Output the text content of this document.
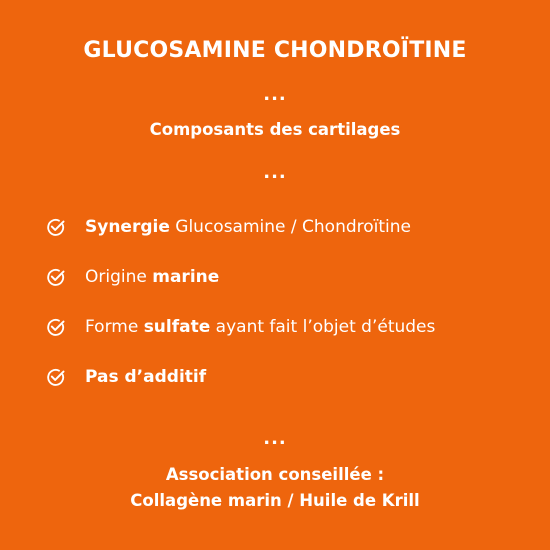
GLUCOSAMINE CHONDROÏTINE
...
Composants des cartilages
...
Synergie Glucosamine / Chondroïtine
Origine marine
Forme sulfate ayant fait l’objet d’études
Pas d’additif
...
Association conseillée :
Collagène marin / Huile de Krill
